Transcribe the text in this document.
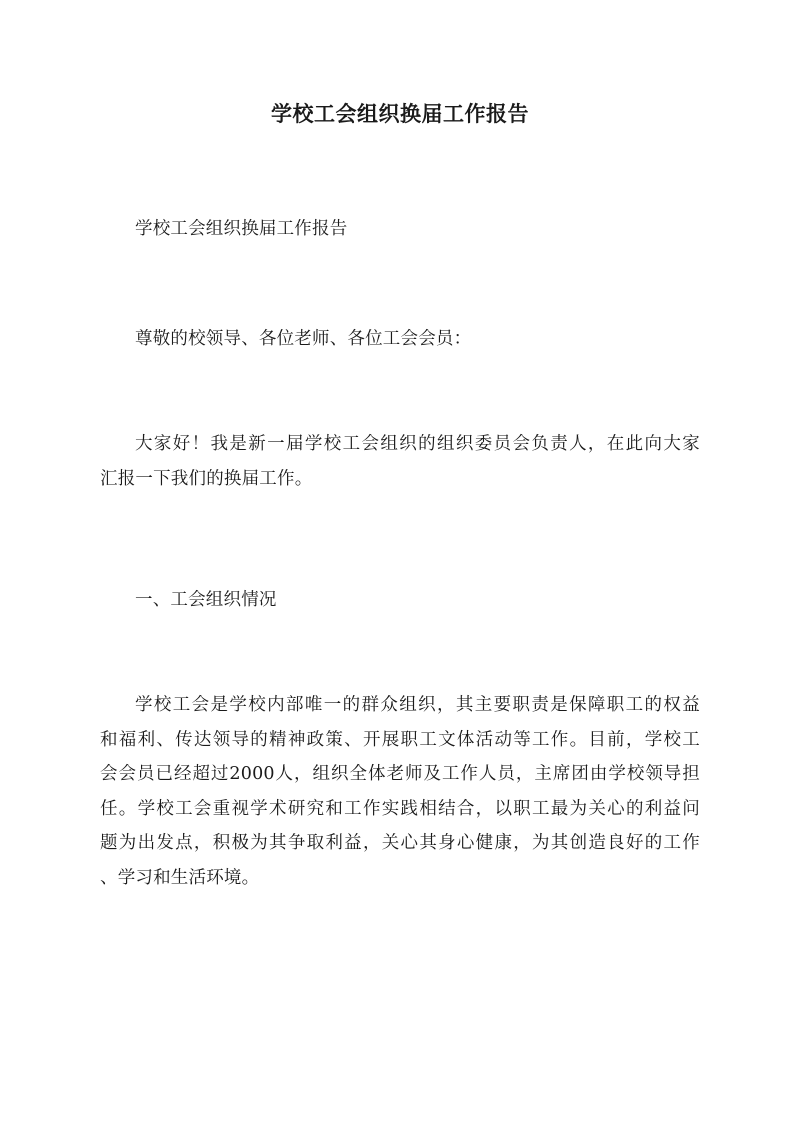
学校工会组织换届工作报告
学校工会组织换届工作报告
尊敬的校领导、各位老师、各位工会会员：
大家好！我是新一届学校工会组织的组织委员会负责人，在此向大家
汇报一下我们的换届工作。
一、工会组织情况
学校工会是学校内部唯一的群众组织，其主要职责是保障职工的权益
和福利、传达领导的精神政策、开展职工文体活动等工作。目前，学校工
会会员已经超过2000人，组织全体老师及工作人员，主席团由学校领导担
任。学校工会重视学术研究和工作实践相结合，以职工最为关心的利益问
题为出发点，积极为其争取利益，关心其身心健康，为其创造良好的工作
、学习和生活环境。
